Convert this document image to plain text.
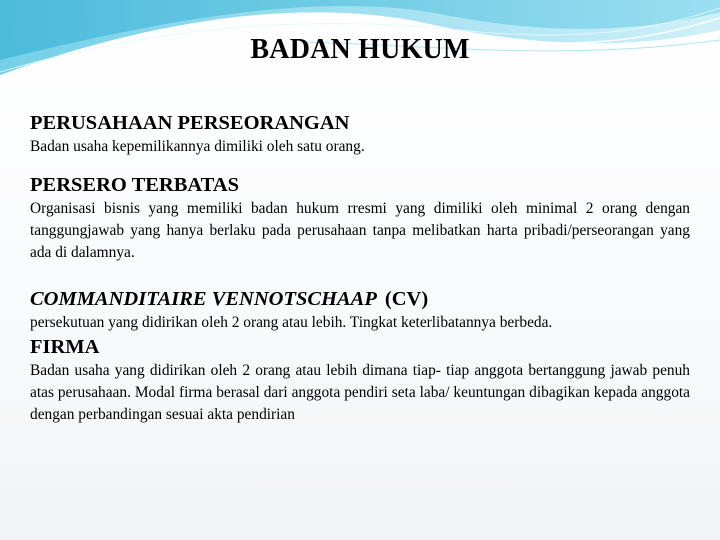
BADAN HUKUM
PERUSAHAAN PERSEORANGAN
Badan usaha kepemilikannya dimiliki oleh satu orang.
PERSERO TERBATAS
Organisasi bisnis yang memiliki badan hukum rresmi yang dimiliki oleh minimal 2 orang dengan tanggungjawab yang hanya berlaku pada perusahaan tanpa melibatkan harta pribadi/perseorangan yang ada di dalamnya.
COMMANDITAIRE VENNOTSCHAAP (CV)
persekutuan yang didirikan oleh 2 orang atau lebih. Tingkat keterlibatannya berbeda.
FIRMA
Badan usaha yang didirikan oleh 2 orang atau lebih dimana tiap- tiap anggota bertanggung jawab penuh atas perusahaan. Modal firma berasal dari anggota pendiri seta laba/ keuntungan dibagikan kepada anggota dengan perbandingan sesuai akta pendirian
